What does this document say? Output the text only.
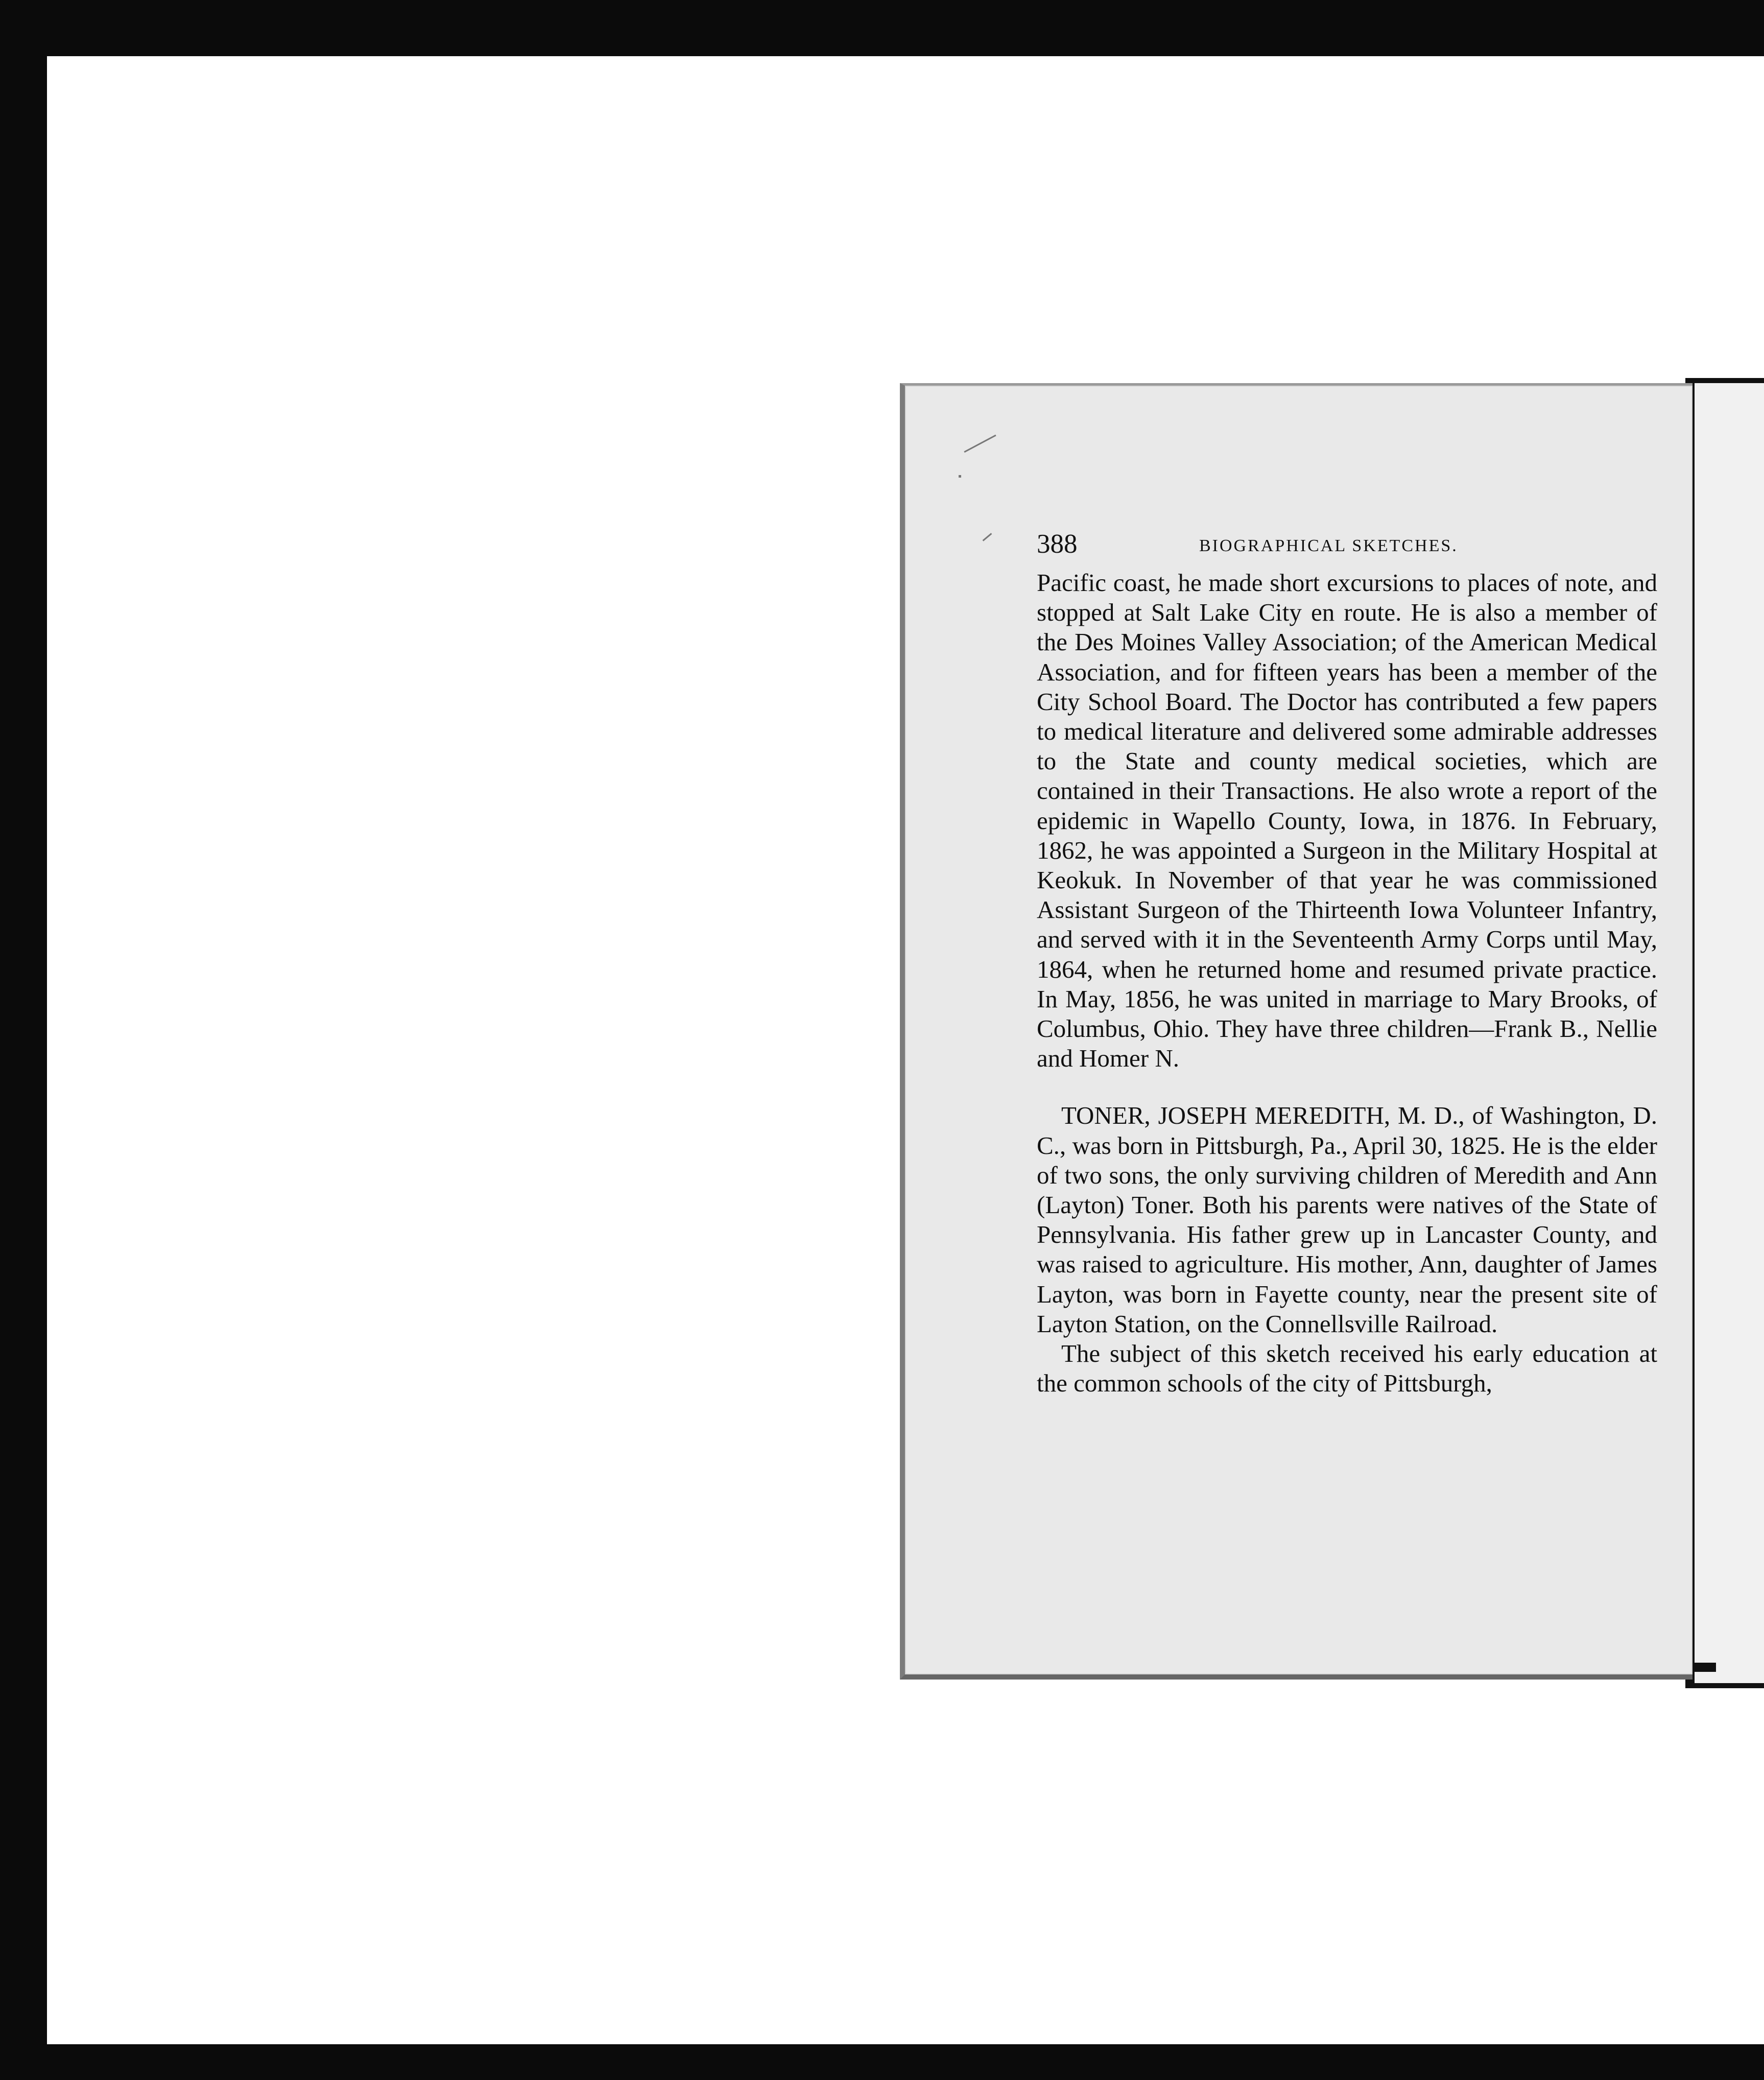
388	BIOGRAPHICAL SKETCHES.

Pacific coast, he made short excursions to places of note, and stopped at Salt Lake City en route. He is also a member of the Des Moines Valley Association; of the American Medical Association, and for fifteen years has been a member of the City School Board. The Doctor has contributed a few papers to medical literature and delivered some admirable addresses to the State and county medical societies, which are contained in their Transactions. He also wrote a report of the epidemic in Wapello County, Iowa, in 1876. In February, 1862, he was appointed a Surgeon in the Military Hospital at Keokuk. In November of that year he was commissioned Assistant Surgeon of the Thirteenth Iowa Volunteer Infantry, and served with it in the Seventeenth Army Corps until May, 1864, when he returned home and resumed private practice. In May, 1856, he was united in marriage to Mary Brooks, of Columbus, Ohio. They have three children—Frank B., Nellie and Homer N.

TONER, JOSEPH MEREDITH, M. D., of Washington, D. C., was born in Pittsburgh, Pa., April 30, 1825. He is the elder of two sons, the only surviving children of Meredith and Ann (Layton) Toner. Both his parents were natives of the State of Pennsylvania. His father grew up in Lancaster County, and was raised to agriculture. His mother, Ann, daughter of James Layton, was born in Fayette county, near the present site of Layton Station, on the Connellsville Railroad.

The subject of this sketch received his early education at the common schools of the city of Pittsburgh,
